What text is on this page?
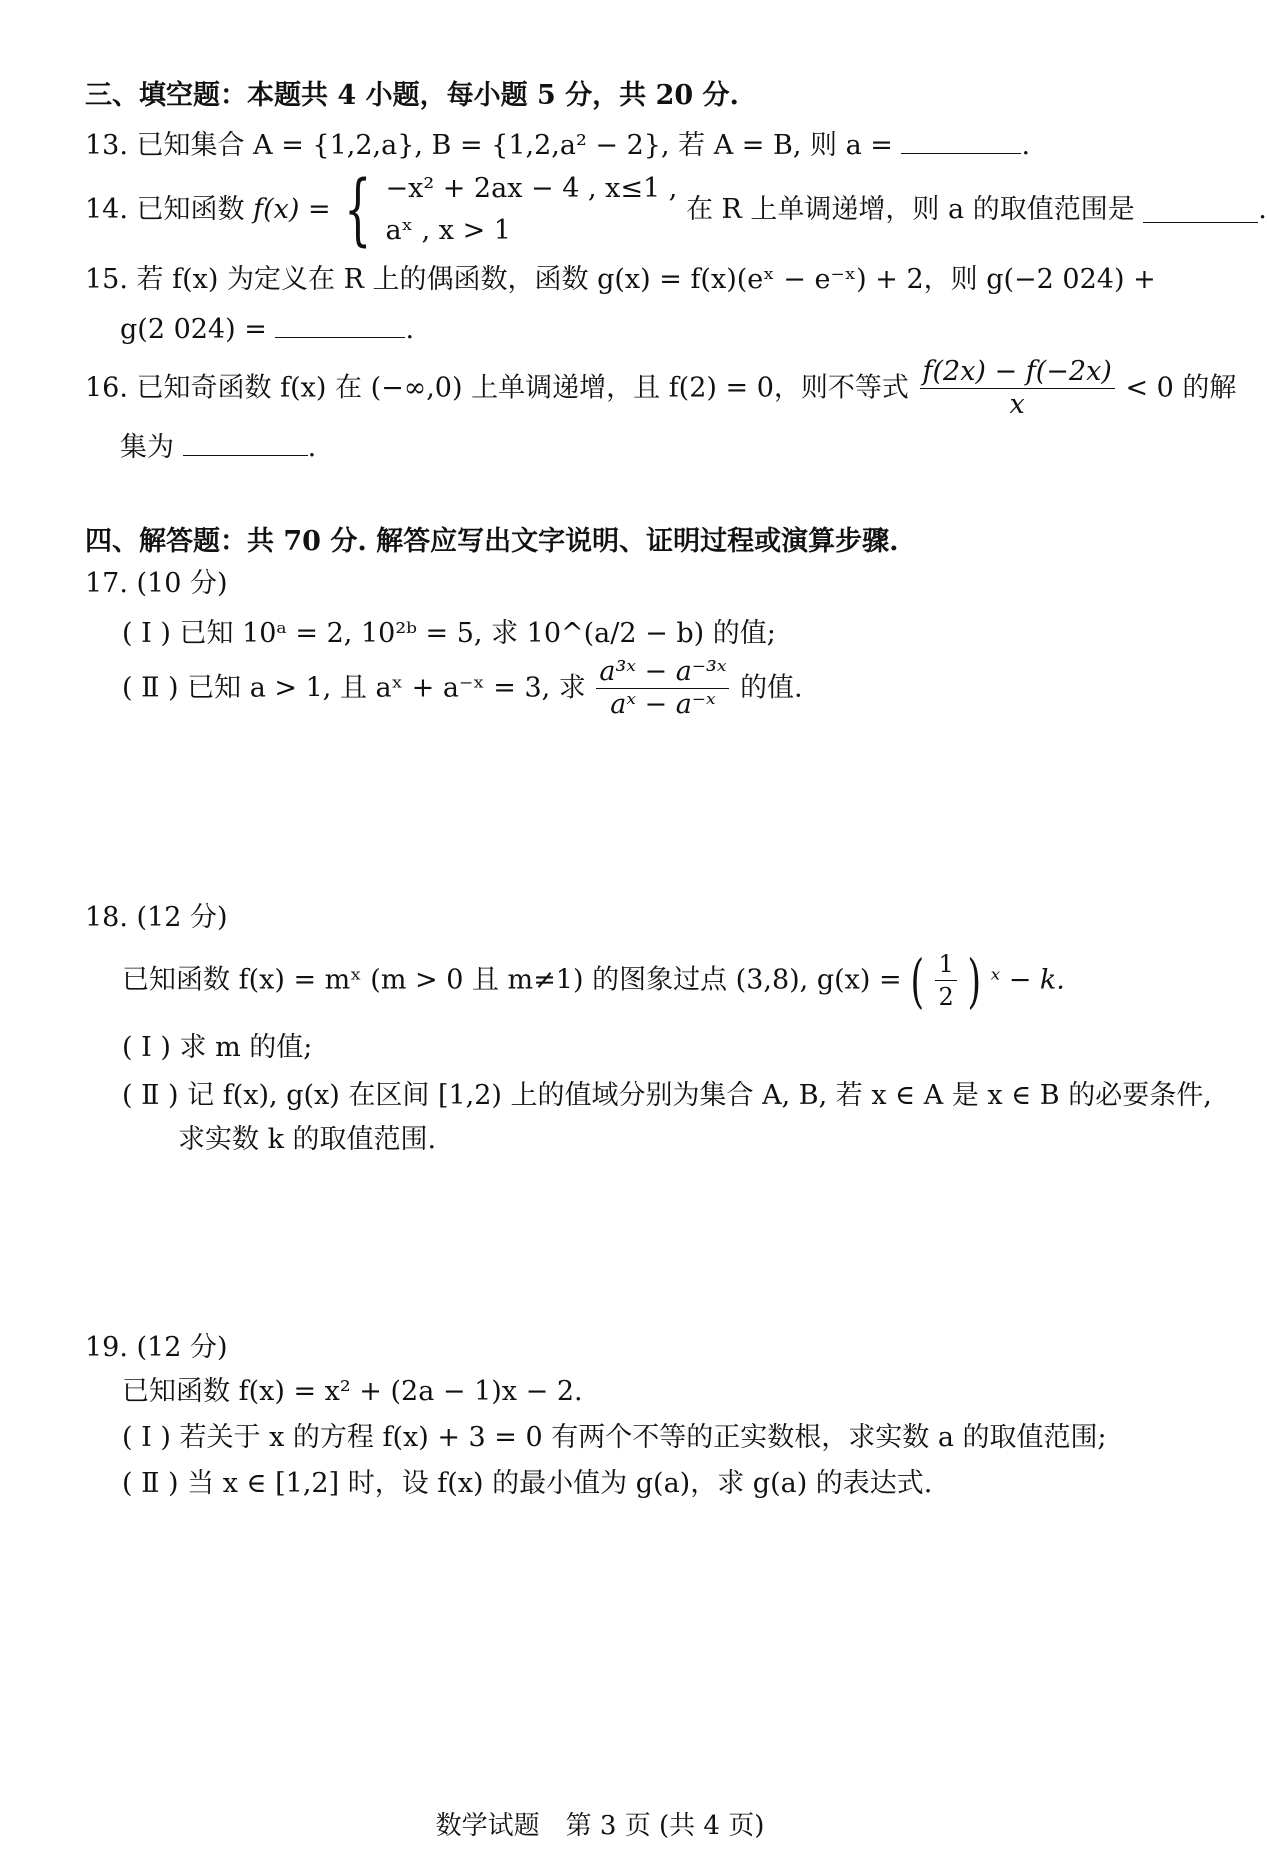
三、填空题：本题共 4 小题，每小题 5 分，共 20 分.
13. 已知集合 A = {1,2,a}, B = {1,2,a² − 2}, 若 A = B, 则 a =	.
14. 已知函数 f(x) = { −x² + 2ax − 4 , x≤1 ,
aˣ , x > 1
在 R 上单调递增，则 a 的取值范围是	.
15. 若 f(x) 为定义在 R 上的偶函数，函数 g(x) = f(x)(eˣ − e⁻ˣ) + 2，则 g(−2 024) +
g(2 024) =	.
16. 已知奇函数 f(x) 在 (−∞,0) 上单调递增，且 f(2) = 0，则不等式 $\frac{f(2x) - f(-2x)}{x} < 0$ 的解
集为	.
四、解答题：共 70 分. 解答应写出文字说明、证明过程或演算步骤.
17. (10 分)
( Ⅰ ) 已知 10ᵃ = 2, 10²ᵇ = 5, 求 10^(a/2 − b) 的值;
( Ⅱ ) 已知 a > 1, 且 aˣ + a⁻ˣ = 3, 求 $\frac{\text{a³ˣ − a⁻³ˣ}}{\text{aˣ − a⁻ˣ}}$ 的值.
18. (12 分)
已知函数 f(x) = mˣ (m > 0 且 m≠1) 的图象过点 (3,8), g(x) = ( $\frac{1}{2}$ ) ˣ − k.
( Ⅰ ) 求 m 的值;
( Ⅱ ) 记 f(x), g(x) 在区间 [1,2) 上的值域分别为集合 A, B, 若 x ∈ A 是 x ∈ B 的必要条件,
求实数 k 的取值范围.
19. (12 分)
已知函数 f(x) = x² + (2a − 1)x − 2.
( Ⅰ ) 若关于 x 的方程 f(x) + 3 = 0 有两个不等的正实数根，求实数 a 的取值范围;
( Ⅱ ) 当 x ∈ [1,2] 时，设 f(x) 的最小值为 g(a)，求 g(a) 的表达式.
数学试题　第 3 页 (共 4 页)
